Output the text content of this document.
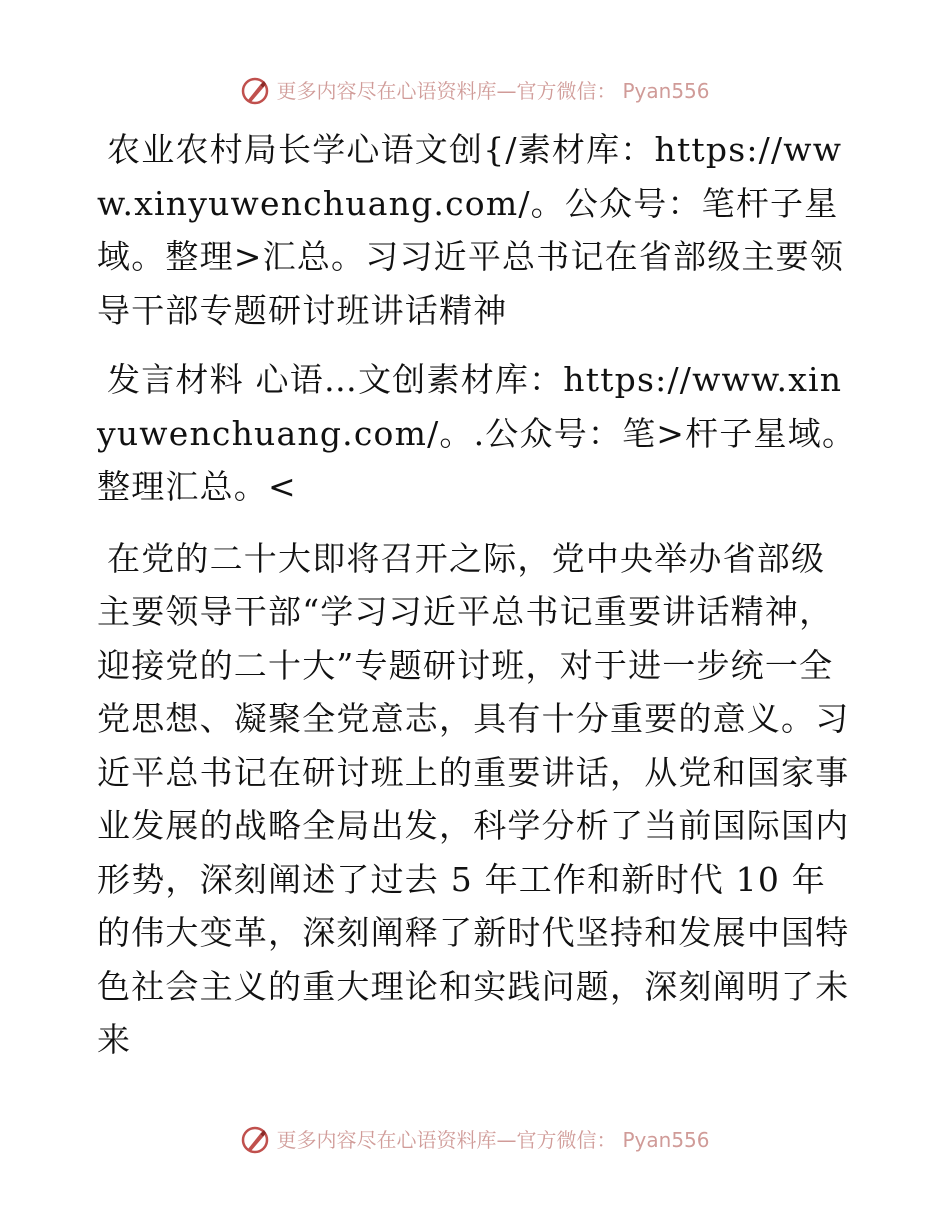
更多内容尽在心语资料库—官方微信： Pyan556

农业农村局长学心语文创{/素材库：https://www.xinyuwenchuang.com/。公众号：笔杆子星域。整理>汇总。习习近平总书记在省部级主要领导干部专题研讨班讲话精神

发言材料 心语…文创素材库：https://www.xinyuwenchuang.com/。.公众号：笔>杆子星域。整理汇总。<

在党的二十大即将召开之际，党中央举办省部级主要领导干部“学习习近平总书记重要讲话精神，迎接党的二十大”专题研讨班，对于进一步统一全党思想、凝聚全党意志，具有十分重要的意义。习近平总书记在研讨班上的重要讲话，从党和国家事业发展的战略全局出发，科学分析了当前国际国内形势，深刻阐述了过去 5 年工作和新时代 10 年的伟大变革，深刻阐释了新时代坚持和发展中国特色社会主义的重大理论和实践问题，深刻阐明了未来

更多内容尽在心语资料库—官方微信： Pyan556
